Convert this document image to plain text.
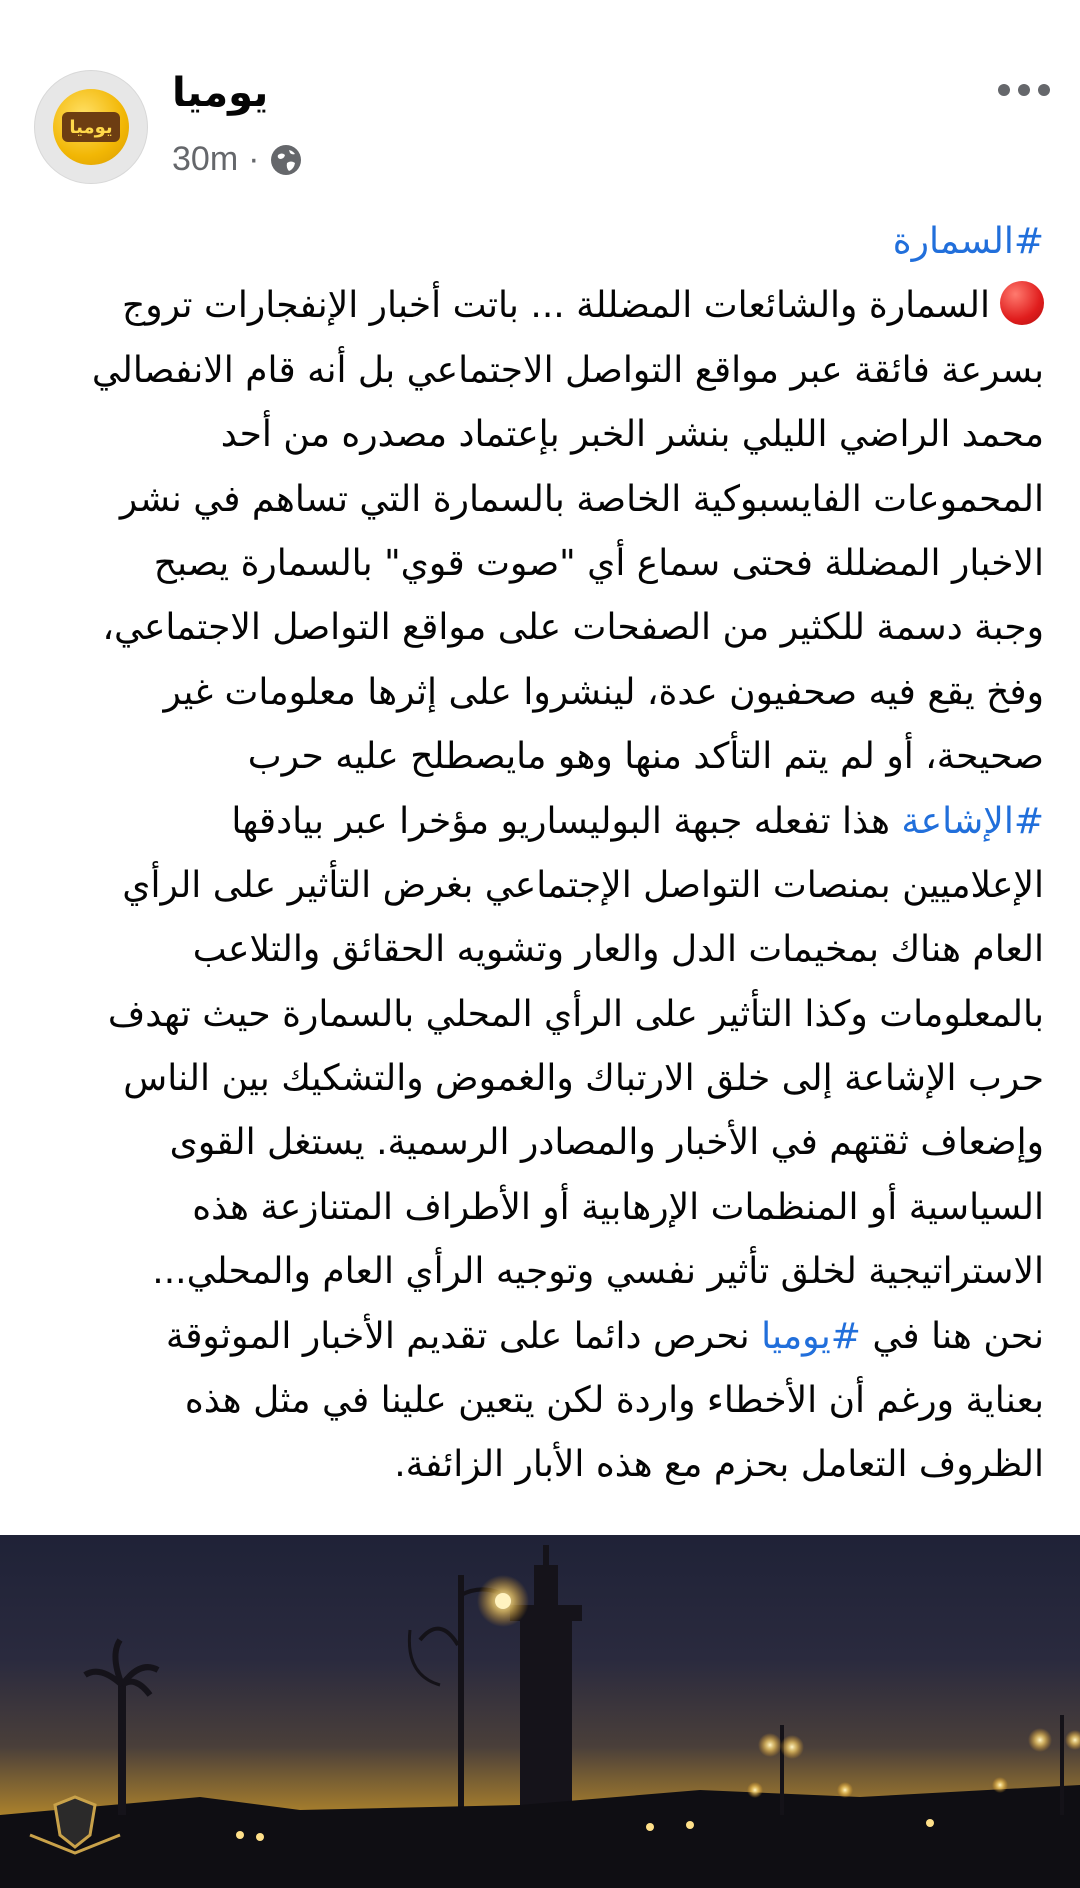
يوميا
يوميا
30m ·
#السمارة
السمارة والشائعات المضللة ... باتت أخبار الإنفجارات تروج
بسرعة فائقة عبر مواقع التواصل الاجتماعي بل أنه قام الانفصالي
محمد الراضي الليلي بنشر الخبر بإعتماد مصدره من أحد
المحموعات الفايسبوكية الخاصة بالسمارة التي تساهم في نشر
الاخبار المضللة فحتى سماع أي "صوت قوي" بالسمارة يصبح
وجبة دسمة للكثير من الصفحات على مواقع التواصل الاجتماعي،
وفخ يقع فيه صحفيون عدة، لينشروا على إثرها معلومات غير
صحيحة، أو لم يتم التأكد منها وهو مايصطلح عليه حرب
#الإشاعة هذا تفعله جبهة البوليساريو مؤخرا عبر بيادقها
الإعلاميين بمنصات التواصل الإجتماعي بغرض التأثير على الرأي
العام هناك بمخيمات الدل والعار وتشويه الحقائق والتلاعب
بالمعلومات وكذا التأثير على الرأي المحلي بالسمارة حيث تهدف
حرب الإشاعة إلى خلق الارتباك والغموض والتشكيك بين الناس
وإضعاف ثقتهم في الأخبار والمصادر الرسمية. يستغل القوى
السياسية أو المنظمات الإرهابية أو الأطراف المتنازعة هذه
الاستراتيجية لخلق تأثير نفسي وتوجيه الرأي العام والمحلي...
نحن هنا في #يوميا نحرص دائما على تقديم الأخبار الموثوقة
بعناية ورغم أن الأخطاء واردة لكن يتعين علينا في مثل هذه
الظروف التعامل بحزم مع هذه الأبار الزائفة.
